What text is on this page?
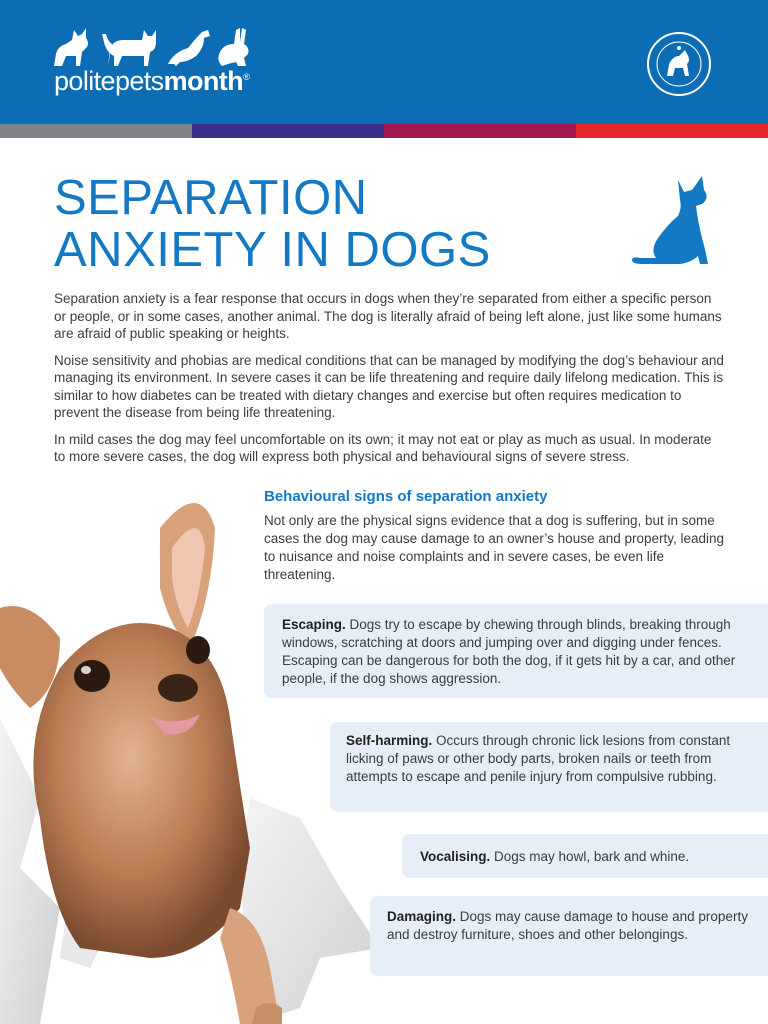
politepetsmonth®
SEPARATION
ANXIETY IN DOGS

Separation anxiety is a fear response that occurs in dogs when they’re separated from either a specific person or people, or in some cases, another animal. The dog is literally afraid of being left alone, just like some humans are afraid of public speaking or heights.

Noise sensitivity and phobias are medical conditions that can be managed by modifying the dog’s behaviour and managing its environment. In severe cases it can be life threatening and require daily lifelong medication. This is similar to how diabetes can be treated with dietary changes and exercise but often requires medication to prevent the disease from being life threatening.

In mild cases the dog may feel uncomfortable on its own; it may not eat or play as much as usual. In moderate to more severe cases, the dog will express both physical and behavioural signs of severe stress.

Behavioural signs of separation anxiety

Not only are the physical signs evidence that a dog is suffering, but in some cases the dog may cause damage to an owner’s house and property, leading to nuisance and noise complaints and in severe cases, be even life threatening.

Escaping. Dogs try to escape by chewing through blinds, breaking through windows, scratching at doors and jumping over and digging under fences. Escaping can be dangerous for both the dog, if it gets hit by a car, and other people, if the dog shows aggression.
Self-harming. Occurs through chronic lick lesions from constant licking of paws or other body parts, broken nails or teeth from attempts to escape and penile injury from compulsive rubbing.
Vocalising. Dogs may howl, bark and whine.
Damaging. Dogs may cause damage to house and property and destroy furniture, shoes and other belongings.
